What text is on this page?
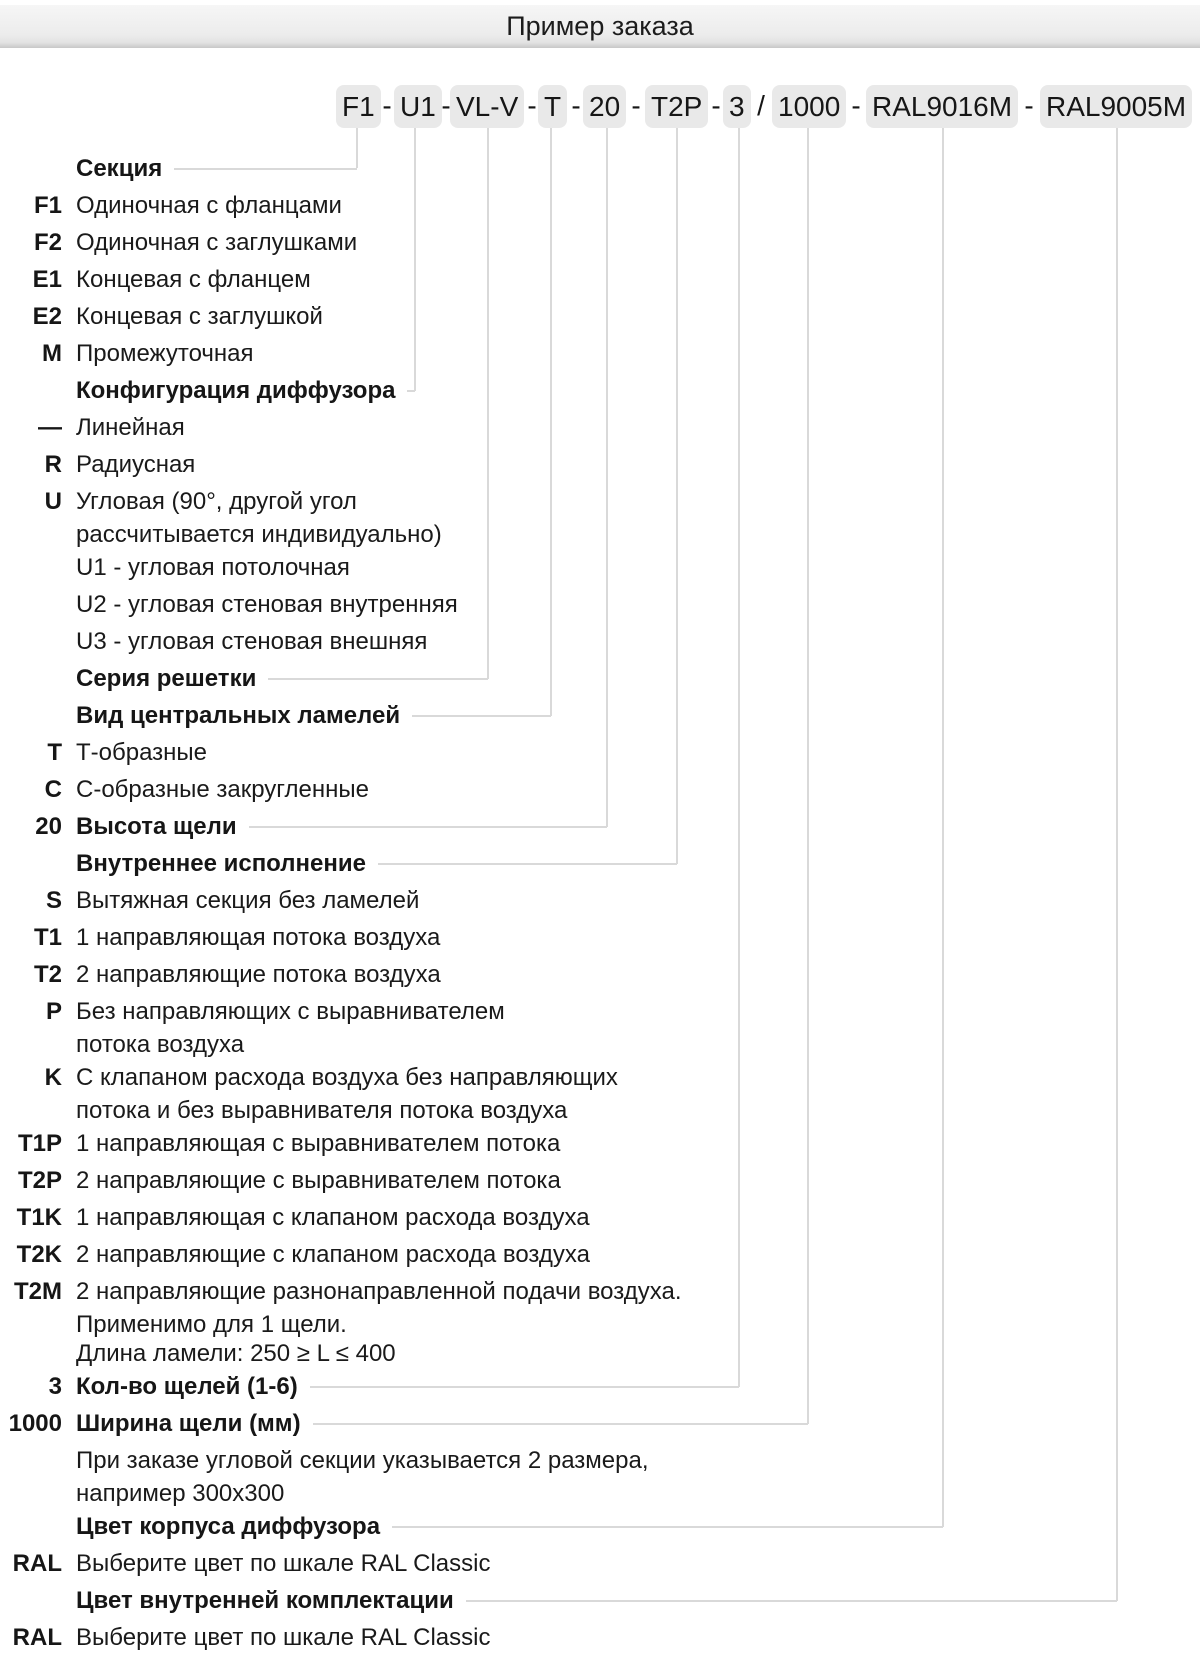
Пример заказа
F1 U1 VL-V T 20 T2P 3 1000 RAL9016M RAL9005M
- -	- - -	- /	-	-
Секция
F1 Одиночная с фланцами
F2 Одиночная с заглушками
E1 Концевая с фланцем
E2 Концевая с заглушкой
M Промежуточная
Конфигурация диффузора
— Линейная
R Радиусная
U Угловая (90°, другой угол
рассчитывается индивидуально)
U1 - угловая потолочная
U2 - угловая стеновая внутренняя
U3 - угловая стеновая внешняя
Серия решетки
Вид центральных ламелей
T Т-образные
C С-образные закругленные
20 Высота щели
Внутреннее исполнение
S Вытяжная секция без ламелей
T1 1 направляющая потока воздуха
T2 2 направляющие потока воздуха
P Без направляющих с выравнивателем
потока воздуха
K С клапаном расхода воздуха без направляющих
потока и без выравнивателя потока воздуха
T1P 1 направляющая с выравнивателем потока
T2P 2 направляющие с выравнивателем потока
T1K 1 направляющая с клапаном расхода воздуха
T2K 2 направляющие с клапаном расхода воздуха
T2M 2 направляющие разнонаправленной подачи воздуха.
Применимо для 1 щели.
Длина ламели: 250 ≥ L ≤ 400
3 Кол-во щелей (1-6)
1000 Ширина щели (мм)
При заказе угловой секции указывается 2 размера,
например 300x300
Цвет корпуса диффузора
RAL Выберите цвет по шкале RAL Classic
Цвет внутренней комплектации
RAL Выберите цвет по шкале RAL Classic
